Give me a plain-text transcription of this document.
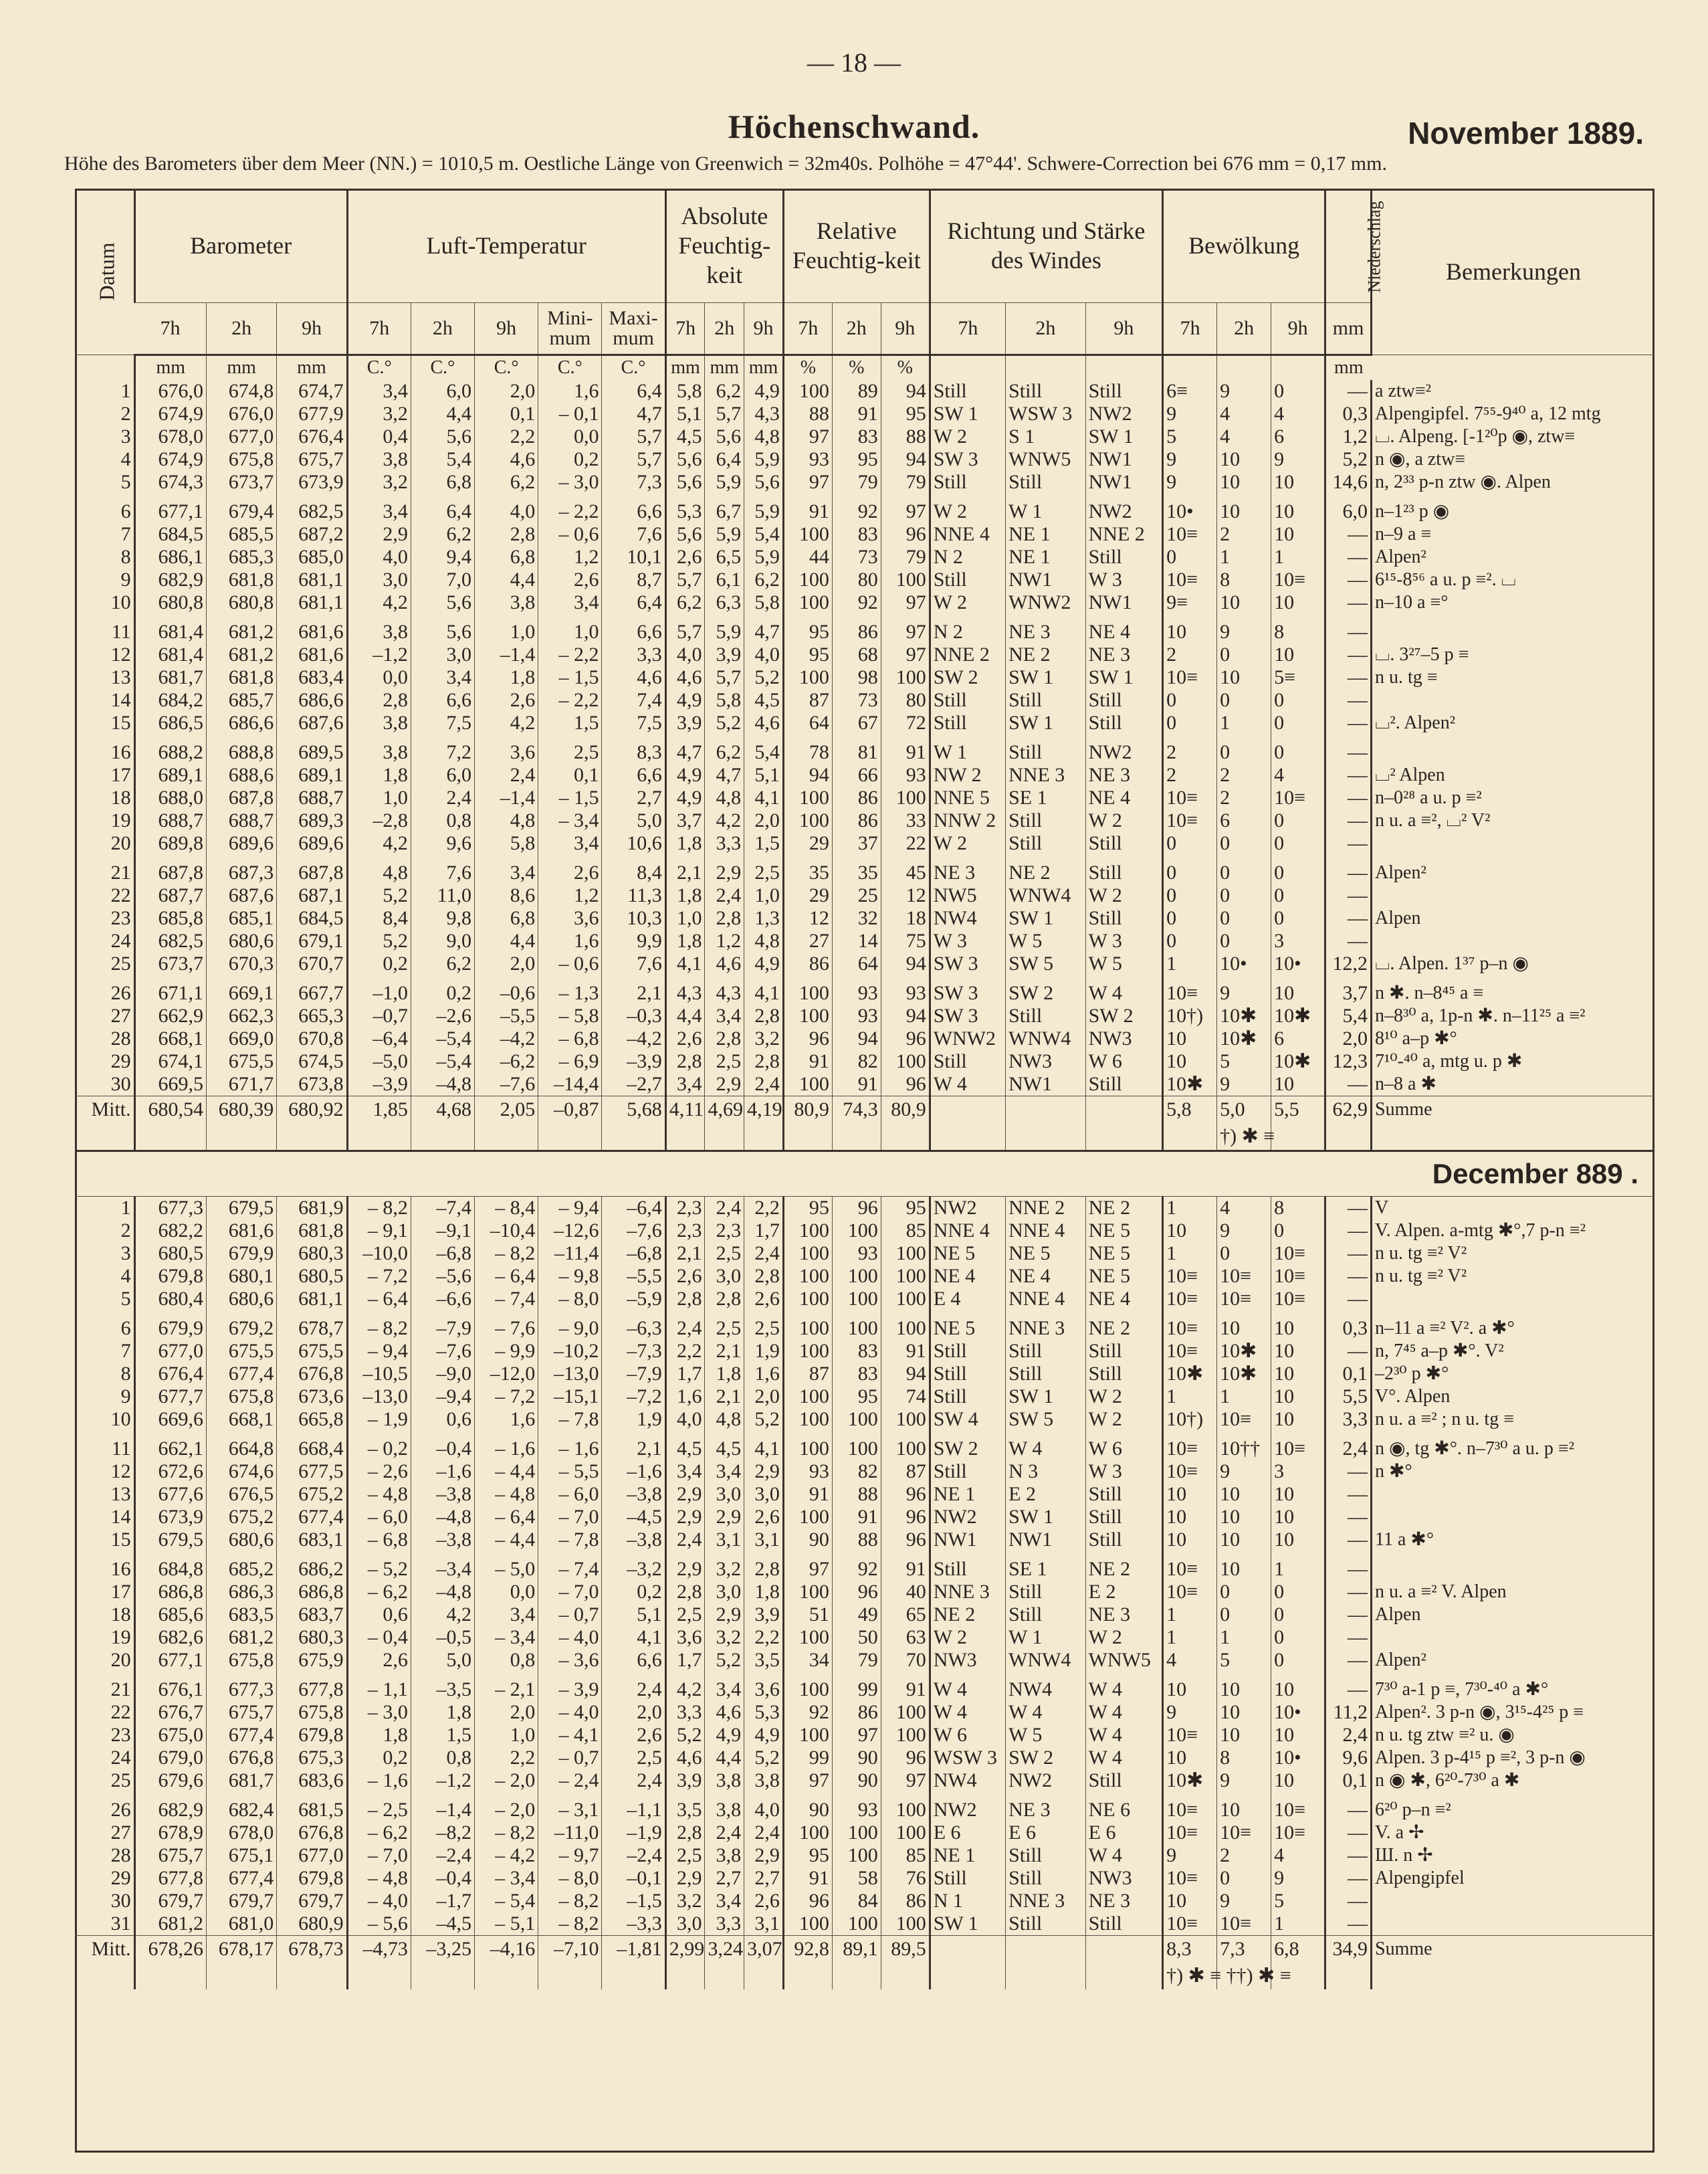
— 18 —
Höchenschwand.	November 1889.
Höhe des Barometers über dem Meer (NN.) = 1010,5 m. Oestliche Länge von Greenwich = 32m40s. Polhöhe = 47°44'. Schwere-Correction bei 676 mm = 0,17 mm.
Datum	Barometer			Luft-Temperatur					Absolute Feuchtig-keit			Relative Feuchtig-keit			Richtung und Stärke des Windes			Bewölkung			Niederschlag	Bemerkungen
	7h	2h	9h	7h	2h	9h	Mini-mum	Maxi-mum	7h	2h	9h	7h	2h	9h	7h	2h	9h	7h	2h	9h	mm	
	mm	mm	mm	C.°	C.°	C.°	C.°	C.°	mm	mm	mm	%	%	%							mm	
1	676,0	674,8	674,7	3,4	6,0	2,0	1,6	6,4	5,8	6,2	4,9	100	89	94	Still	Still	Still	6≡	9	0	—	a ztw≡²
2	674,9	676,0	677,9	3,2	4,4	0,1	– 0,1	4,7	5,1	5,7	4,3	88	91	95	SW 1	WSW 3	NW2	9	4	4	0,3	Alpengipfel. 7⁵⁵-9⁴⁰ a, 12 mtg
3	678,0	677,0	676,4	0,4	5,6	2,2	0,0	5,7	4,5	5,6	4,8	97	83	88	W 2	S 1	SW 1	5	4	6	1,2	⌴. Alpeng. [-1²⁰p ◉, ztw≡
4	674,9	675,8	675,7	3,8	5,4	4,6	0,2	5,7	5,6	6,4	5,9	93	95	94	SW 3	WNW5	NW1	9	10	9	5,2	n ◉, a ztw≡
5	674,3	673,7	673,9	3,2	6,8	6,2	– 3,0	7,3	5,6	5,9	5,6	97	79	79	Still	Still	NW1	9	10	10	14,6	n, 2³³ p-n ztw ◉. Alpen

6	677,1	679,4	682,5	3,4	6,4	4,0	– 2,2	6,6	5,3	6,7	5,9	91	92	97	W 2	W 1	NW2	10•	10	10	6,0	n–1²³ p ◉
7	684,5	685,5	687,2	2,9	6,2	2,8	– 0,6	7,6	5,6	5,9	5,4	100	83	96	NNE 4	NE 1	NNE 2	10≡	2	10	—	n–9 a ≡
8	686,1	685,3	685,0	4,0	9,4	6,8	1,2	10,1	2,6	6,5	5,9	44	73	79	N 2	NE 1	Still	0	1	1	—	Alpen²
9	682,9	681,8	681,1	3,0	7,0	4,4	2,6	8,7	5,7	6,1	6,2	100	80	100	Still	NW1	W 3	10≡	8	10≡	—	6¹⁵-8⁵⁶ a u. p ≡². ⌴
10	680,8	680,8	681,1	4,2	5,6	3,8	3,4	6,4	6,2	6,3	5,8	100	92	97	W 2	WNW2	NW1	9≡	10	10	—	n–10 a ≡°

11	681,4	681,2	681,6	3,8	5,6	1,0	1,0	6,6	5,7	5,9	4,7	95	86	97	N 2	NE 3	NE 4	10	9	8	—	
12	681,4	681,2	681,6	–1,2	3,0	–1,4	– 2,2	3,3	4,0	3,9	4,0	95	68	97	NNE 2	NE 2	NE 3	2	0	10	—	⌴. 3²⁷–5 p ≡
13	681,7	681,8	683,4	0,0	3,4	1,8	– 1,5	4,6	4,6	5,7	5,2	100	98	100	SW 2	SW 1	SW 1	10≡	10	5≡	—	n u. tg ≡
14	684,2	685,7	686,6	2,8	6,6	2,6	– 2,2	7,4	4,9	5,8	4,5	87	73	80	Still	Still	Still	0	0	0	—	
15	686,5	686,6	687,6	3,8	7,5	4,2	1,5	7,5	3,9	5,2	4,6	64	67	72	Still	SW 1	Still	0	1	0	—	⌴². Alpen²

16	688,2	688,8	689,5	3,8	7,2	3,6	2,5	8,3	4,7	6,2	5,4	78	81	91	W 1	Still	NW2	2	0	0	—	
17	689,1	688,6	689,1	1,8	6,0	2,4	0,1	6,6	4,9	4,7	5,1	94	66	93	NW 2	NNE 3	NE 3	2	2	4	—	⌴² Alpen
18	688,0	687,8	688,7	1,0	2,4	–1,4	– 1,5	2,7	4,9	4,8	4,1	100	86	100	NNE 5	SE 1	NE 4	10≡	2	10≡	—	n–0²⁸ a u. p ≡²
19	688,7	688,7	689,3	–2,8	0,8	4,8	– 3,4	5,0	3,7	4,2	2,0	100	86	33	NNW 2	Still	W 2	10≡	6	0	—	n u. a ≡², ⌴² V²
20	689,8	689,6	689,6	4,2	9,6	5,8	3,4	10,6	1,8	3,3	1,5	29	37	22	W 2	Still	Still	0	0	0	—	

21	687,8	687,3	687,8	4,8	7,6	3,4	2,6	8,4	2,1	2,9	2,5	35	35	45	NE 3	NE 2	Still	0	0	0	—	Alpen²
22	687,7	687,6	687,1	5,2	11,0	8,6	1,2	11,3	1,8	2,4	1,0	29	25	12	NW5	WNW4	W 2	0	0	0	—	
23	685,8	685,1	684,5	8,4	9,8	6,8	3,6	10,3	1,0	2,8	1,3	12	32	18	NW4	SW 1	Still	0	0	0	—	Alpen
24	682,5	680,6	679,1	5,2	9,0	4,4	1,6	9,9	1,8	1,2	4,8	27	14	75	W 3	W 5	W 3	0	0	3	—	
25	673,7	670,3	670,7	0,2	6,2	2,0	– 0,6	7,6	4,1	4,6	4,9	86	64	94	SW 3	SW 5	W 5	1	10•	10•	12,2	⌴. Alpen. 1³⁷ p–n ◉

26	671,1	669,1	667,7	–1,0	0,2	–0,6	– 1,3	2,1	4,3	4,3	4,1	100	93	93	SW 3	SW 2	W 4	10≡	9	10	3,7	n ✱. n–8⁴⁵ a ≡
27	662,9	662,3	665,3	–0,7	–2,6	–5,5	– 5,8	–0,3	4,4	3,4	2,8	100	93	94	SW 3	Still	SW 2	10†)	10✱	10✱	5,4	n–8³⁰ a, 1p-n ✱. n–11²⁵ a ≡²
28	668,1	669,0	670,8	–6,4	–5,4	–4,2	– 6,8	–4,2	2,6	2,8	3,2	96	94	96	WNW2	WNW4	NW3	10	10✱	6	2,0	8¹⁰ a–p ✱°
29	674,1	675,5	674,5	–5,0	–5,4	–6,2	– 6,9	–3,9	2,8	2,5	2,8	91	82	100	Still	NW3	W 6	10	5	10✱	12,3	7¹⁰-⁴⁰ a, mtg u. p ✱
30	669,5	671,7	673,8	–3,9	–4,8	–7,6	–14,4	–2,7	3,4	2,9	2,4	100	91	96	W 4	NW1	Still	10✱	9	10	—	n–8 a ✱
Mitt.	680,54	680,39	680,92	1,85	4,68	2,05	–0,87	5,68	4,11	4,69	4,19	80,9	74,3	80,9				5,8	5,0	5,5	62,9	Summe
																			†) ✱ ≡			

December 889 .																						

1	677,3	679,5	681,9	– 8,2	–7,4	– 8,4	– 9,4	–6,4	2,3	2,4	2,2	95	96	95	NW2	NNE 2	NE 2	1	4	8	—	V
2	682,2	681,6	681,8	– 9,1	–9,1	–10,4	–12,6	–7,6	2,3	2,3	1,7	100	100	85	NNE 4	NNE 4	NE 5	10	9	0	—	V. Alpen. a-mtg ✱°,7 p-n ≡²
3	680,5	679,9	680,3	–10,0	–6,8	– 8,2	–11,4	–6,8	2,1	2,5	2,4	100	93	100	NE 5	NE 5	NE 5	1	0	10≡	—	n u. tg ≡² V²
4	679,8	680,1	680,5	– 7,2	–5,6	– 6,4	– 9,8	–5,5	2,6	3,0	2,8	100	100	100	NE 4	NE 4	NE 5	10≡	10≡	10≡	—	n u. tg ≡² V²
5	680,4	680,6	681,1	– 6,4	–6,6	– 7,4	– 8,0	–5,9	2,8	2,8	2,6	100	100	100	E 4	NNE 4	NE 4	10≡	10≡	10≡	—	

6	679,9	679,2	678,7	– 8,2	–7,9	– 7,6	– 9,0	–6,3	2,4	2,5	2,5	100	100	100	NE 5	NNE 3	NE 2	10≡	10	10	0,3	n–11 a ≡² V². a ✱°
7	677,0	675,5	675,5	– 9,4	–7,6	– 9,9	–10,2	–7,3	2,2	2,1	1,9	100	83	91	Still	Still	Still	10≡	10✱	10	—	n, 7⁴⁵ a–p ✱°. V²
8	676,4	677,4	676,8	–10,5	–9,0	–12,0	–13,0	–7,9	1,7	1,8	1,6	87	83	94	Still	Still	Still	10✱	10✱	10	0,1	–2³⁰ p ✱°
9	677,7	675,8	673,6	–13,0	–9,4	– 7,2	–15,1	–7,2	1,6	2,1	2,0	100	95	74	Still	SW 1	W 2	1	1	10	5,5	V°. Alpen
10	669,6	668,1	665,8	– 1,9	0,6	1,6	– 7,8	1,9	4,0	4,8	5,2	100	100	100	SW 4	SW 5	W 2	10†)	10≡	10	3,3	n u. a ≡² ; n u. tg ≡

11	662,1	664,8	668,4	– 0,2	–0,4	– 1,6	– 1,6	2,1	4,5	4,5	4,1	100	100	100	SW 2	W 4	W 6	10≡	10††	10≡	2,4	n ◉, tg ✱°. n–7³⁰ a u. p ≡²
12	672,6	674,6	677,5	– 2,6	–1,6	– 4,4	– 5,5	–1,6	3,4	3,4	2,9	93	82	87	Still	N 3	W 3	10≡	9	3	—	n ✱°
13	677,6	676,5	675,2	– 4,8	–3,8	– 4,8	– 6,0	–3,8	2,9	3,0	3,0	91	88	96	NE 1	E 2	Still	10	10	10	—	
14	673,9	675,2	677,4	– 6,0	–4,8	– 6,4	– 7,0	–4,5	2,9	2,9	2,6	100	91	96	NW2	SW 1	Still	10	10	10	—	
15	679,5	680,6	683,1	– 6,8	–3,8	– 4,4	– 7,8	–3,8	2,4	3,1	3,1	90	88	96	NW1	NW1	Still	10	10	10	—	11 a ✱°

16	684,8	685,2	686,2	– 5,2	–3,4	– 5,0	– 7,4	–3,2	2,9	3,2	2,8	97	92	91	Still	SE 1	NE 2	10≡	10	1	—	
17	686,8	686,3	686,8	– 6,2	–4,8	0,0	– 7,0	0,2	2,8	3,0	1,8	100	96	40	NNE 3	Still	E 2	10≡	0	0	—	n u. a ≡² V. Alpen
18	685,6	683,5	683,7	0,6	4,2	3,4	– 0,7	5,1	2,5	2,9	3,9	51	49	65	NE 2	Still	NE 3	1	0	0	—	Alpen
19	682,6	681,2	680,3	– 0,4	–0,5	– 3,4	– 4,0	4,1	3,6	3,2	2,2	100	50	63	W 2	W 1	W 2	1	1	0	—	
20	677,1	675,8	675,9	2,6	5,0	0,8	– 3,6	6,6	1,7	5,2	3,5	34	79	70	NW3	WNW4	WNW5	4	5	0	—	Alpen²

21	676,1	677,3	677,8	– 1,1	–3,5	– 2,1	– 3,9	2,4	4,2	3,4	3,6	100	99	91	W 4	NW4	W 4	10	10	10	—	7³⁰ a-1 p ≡, 7³⁰-⁴⁰ a ✱°
22	676,7	675,7	675,8	– 3,0	1,8	2,0	– 4,0	2,0	3,3	4,6	5,3	92	86	100	W 4	W 4	W 4	9	10	10•	11,2	Alpen². 3 p-n ◉, 3¹⁵-4²⁵ p ≡
23	675,0	677,4	679,8	1,8	1,5	1,0	– 4,1	2,6	5,2	4,9	4,9	100	97	100	W 6	W 5	W 4	10≡	10	10	2,4	n u. tg ztw ≡² u. ◉
24	679,0	676,8	675,3	0,2	0,8	2,2	– 0,7	2,5	4,6	4,4	5,2	99	90	96	WSW 3	SW 2	W 4	10	8	10•	9,6	Alpen. 3 p-4¹⁵ p ≡², 3 p-n ◉
25	679,6	681,7	683,6	– 1,6	–1,2	– 2,0	– 2,4	2,4	3,9	3,8	3,8	97	90	97	NW4	NW2	Still	10✱	9	10	0,1	n ◉ ✱, 6²⁰-7³⁰ a ✱

26	682,9	682,4	681,5	– 2,5	–1,4	– 2,0	– 3,1	–1,1	3,5	3,8	4,0	90	93	100	NW2	NE 3	NE 6	10≡	10	10≡	—	6²⁰ p–n ≡²
27	678,9	678,0	676,8	– 6,2	–8,2	– 8,2	–11,0	–1,9	2,8	2,4	2,4	100	100	100	E 6	E 6	E 6	10≡	10≡	10≡	—	V. a ✢
28	675,7	675,1	677,0	– 7,0	–2,4	– 4,2	– 9,7	–2,4	2,5	3,8	2,9	95	100	85	NE 1	Still	W 4	9	2	4	—	Ш. n ✢
29	677,8	677,4	679,8	– 4,8	–0,4	– 3,4	– 8,0	–0,1	2,9	2,7	2,7	91	58	76	Still	Still	NW3	10≡	0	9	—	Alpengipfel
30	679,7	679,7	679,7	– 4,0	–1,7	– 5,4	– 8,2	–1,5	3,2	3,4	2,6	96	84	86	N 1	NNE 3	NE 3	10	9	5	—	
31	681,2	681,0	680,9	– 5,6	–4,5	– 5,1	– 8,2	–3,3	3,0	3,3	3,1	100	100	100	SW 1	Still	Still	10≡	10≡	1	—	
Mitt.	678,26	678,17	678,73	–4,73	–3,25	–4,16	–7,10	–1,81	2,99	3,24	3,07	92,8	89,1	89,5				8,3	7,3	6,8	34,9	Summe
																		†) ✱ ≡ ††) ✱ ≡				
